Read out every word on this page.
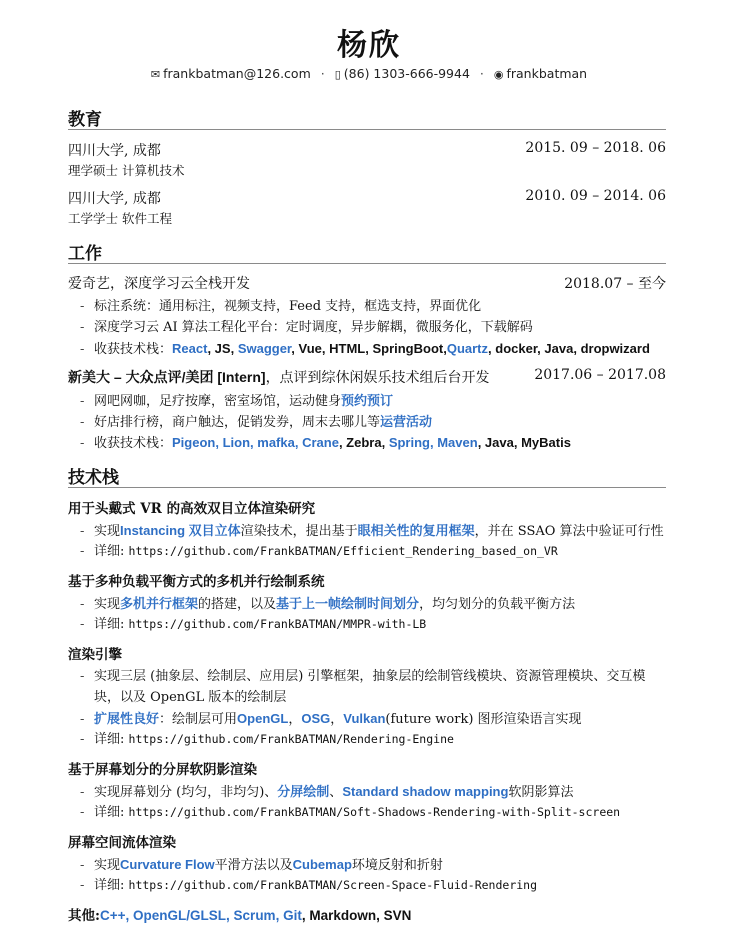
杨欣
✉ frankbatman@126.com · ▯ (86) 1303-666-9944 · ◉ frankbatman
教育
四川大学, 成都	2015. 09 – 2018. 06
理学硕士 计算机技术
四川大学, 成都	2010. 09 – 2014. 06
工学学士 软件工程
工作
爱奇艺，深度学习云全栈开发	2018.07 – 至今
- 标注系统：通用标注，视频支持，Feed 支持，框选支持，界面优化
- 深度学习云 AI 算法工程化平台：定时调度，异步解耦，微服务化，下载解码
- 收获技术栈：React, JS, Swagger, Vue, HTML, SpringBoot,Quartz, docker, Java, dropwizard
新美大 – 大众点评/美团 [Intern]，点评到综休闲娱乐技术组后台开发	2017.06 – 2017.08
- 网吧网咖，足疗按摩，密室场馆，运动健身预约预订
- 好店排行榜，商户触达，促销发券，周末去哪儿等运营活动
- 收获技术栈：Pigeon, Lion, mafka, Crane, Zebra, Spring, Maven, Java, MyBatis
技术栈
用于头戴式 VR 的高效双目立体渲染研究
- 实现Instancing 双目立体渲染技术，提出基于眼相关性的复用框架，并在 SSAO 算法中验证可行性
- 详细: https://github.com/FrankBATMAN/Efficient_Rendering_based_on_VR
基于多种负载平衡方式的多机并行绘制系统
- 实现多机并行框架的搭建，以及基于上一帧绘制时间划分，均匀划分的负载平衡方法
- 详细: https://github.com/FrankBATMAN/MMPR-with-LB
渲染引擎
- 实现三层 (抽象层、绘制层、应用层) 引擎框架，抽象层的绘制管线模块、资源管理模块、交互模
块，以及 OpenGL 版本的绘制层
- 扩展性良好：绘制层可用OpenGL，OSG，Vulkan(future work) 图形渲染语言实现
- 详细: https://github.com/FrankBATMAN/Rendering-Engine
基于屏幕划分的分屏软阴影渲染
- 实现屏幕划分 (均匀，非均匀)、分屏绘制、Standard shadow mapping软阴影算法
- 详细: https://github.com/FrankBATMAN/Soft-Shadows-Rendering-with-Split-screen
屏幕空间流体渲染
- 实现Curvature Flow平滑方法以及Cubemap环境反射和折射
- 详细: https://github.com/FrankBATMAN/Screen-Space-Fluid-Rendering
其他:C++, OpenGL/GLSL, Scrum, Git, Markdown, SVN
